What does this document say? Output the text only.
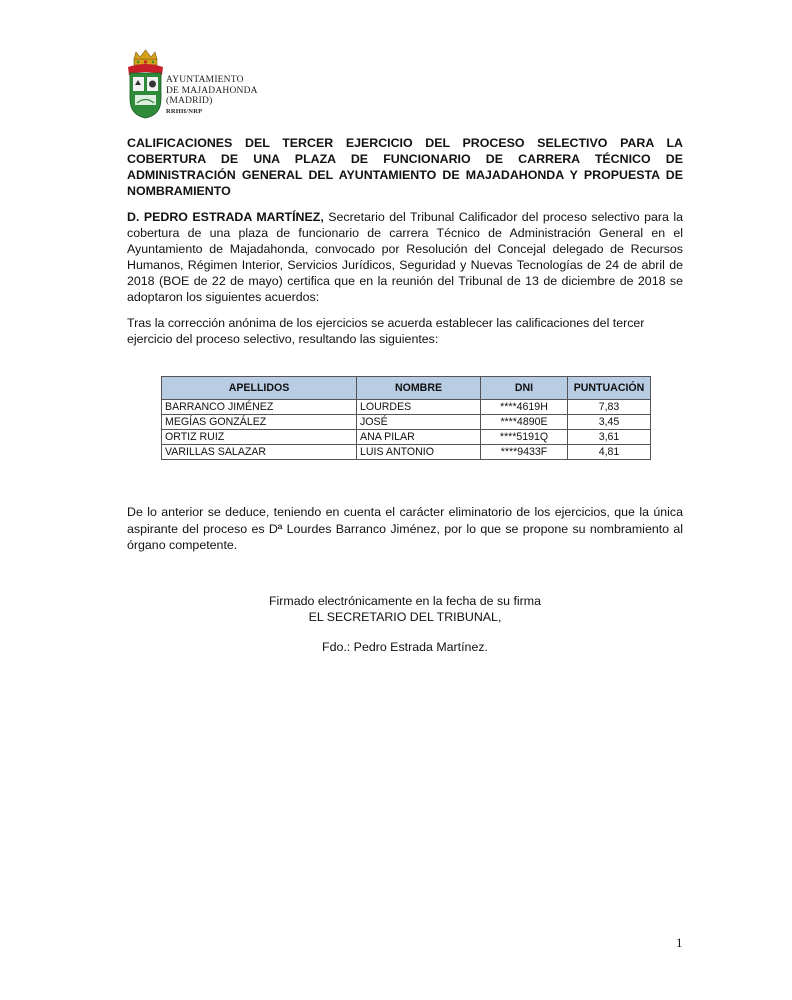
AYUNTAMIENTO
DE MAJADAHONDA
(MADRID)
RRHH/NRP
CALIFICACIONES DEL TERCER EJERCICIO DEL PROCESO SELECTIVO PARA LA COBERTURA DE UNA PLAZA DE FUNCIONARIO DE CARRERA TÉCNICO DE ADMINISTRACIÓN GENERAL DEL AYUNTAMIENTO DE MAJADAHONDA Y PROPUESTA DE NOMBRAMIENTO
D. PEDRO ESTRADA MARTÍNEZ, Secretario del Tribunal Calificador del proceso selectivo para la cobertura de una plaza de funcionario de carrera Técnico de Administración General en el Ayuntamiento de Majadahonda, convocado por Resolución del Concejal delegado de Recursos Humanos, Régimen Interior, Servicios Jurídicos, Seguridad y Nuevas Tecnologías de 24 de abril de 2018 (BOE de 22 de mayo) certifica que en la reunión del Tribunal de 13 de diciembre de 2018 se adoptaron los siguientes acuerdos:
Tras la corrección anónima de los ejercicios se acuerda establecer las calificaciones del tercer ejercicio del proceso selectivo, resultando las siguientes:
APELLIDOS	NOMBRE	DNI	PUNTUACIÓN
BARRANCO JIMÉNEZ	LOURDES	****4619H	7,83
MEGÍAS GONZÁLEZ	JOSÉ	****4890E	3,45
ORTIZ RUIZ	ANA PILAR	****5191Q	3,61
VARILLAS SALAZAR	LUIS ANTONIO	****9433F	4,81
De lo anterior se deduce, teniendo en cuenta el carácter eliminatorio de los ejercicios, que la única aspirante del proceso es Dª Lourdes Barranco Jiménez, por lo que se propone su nombramiento al órgano competente.
Firmado electrónicamente en la fecha de su firma
EL SECRETARIO DEL TRIBUNAL,
Fdo.: Pedro Estrada Martínez.
1
